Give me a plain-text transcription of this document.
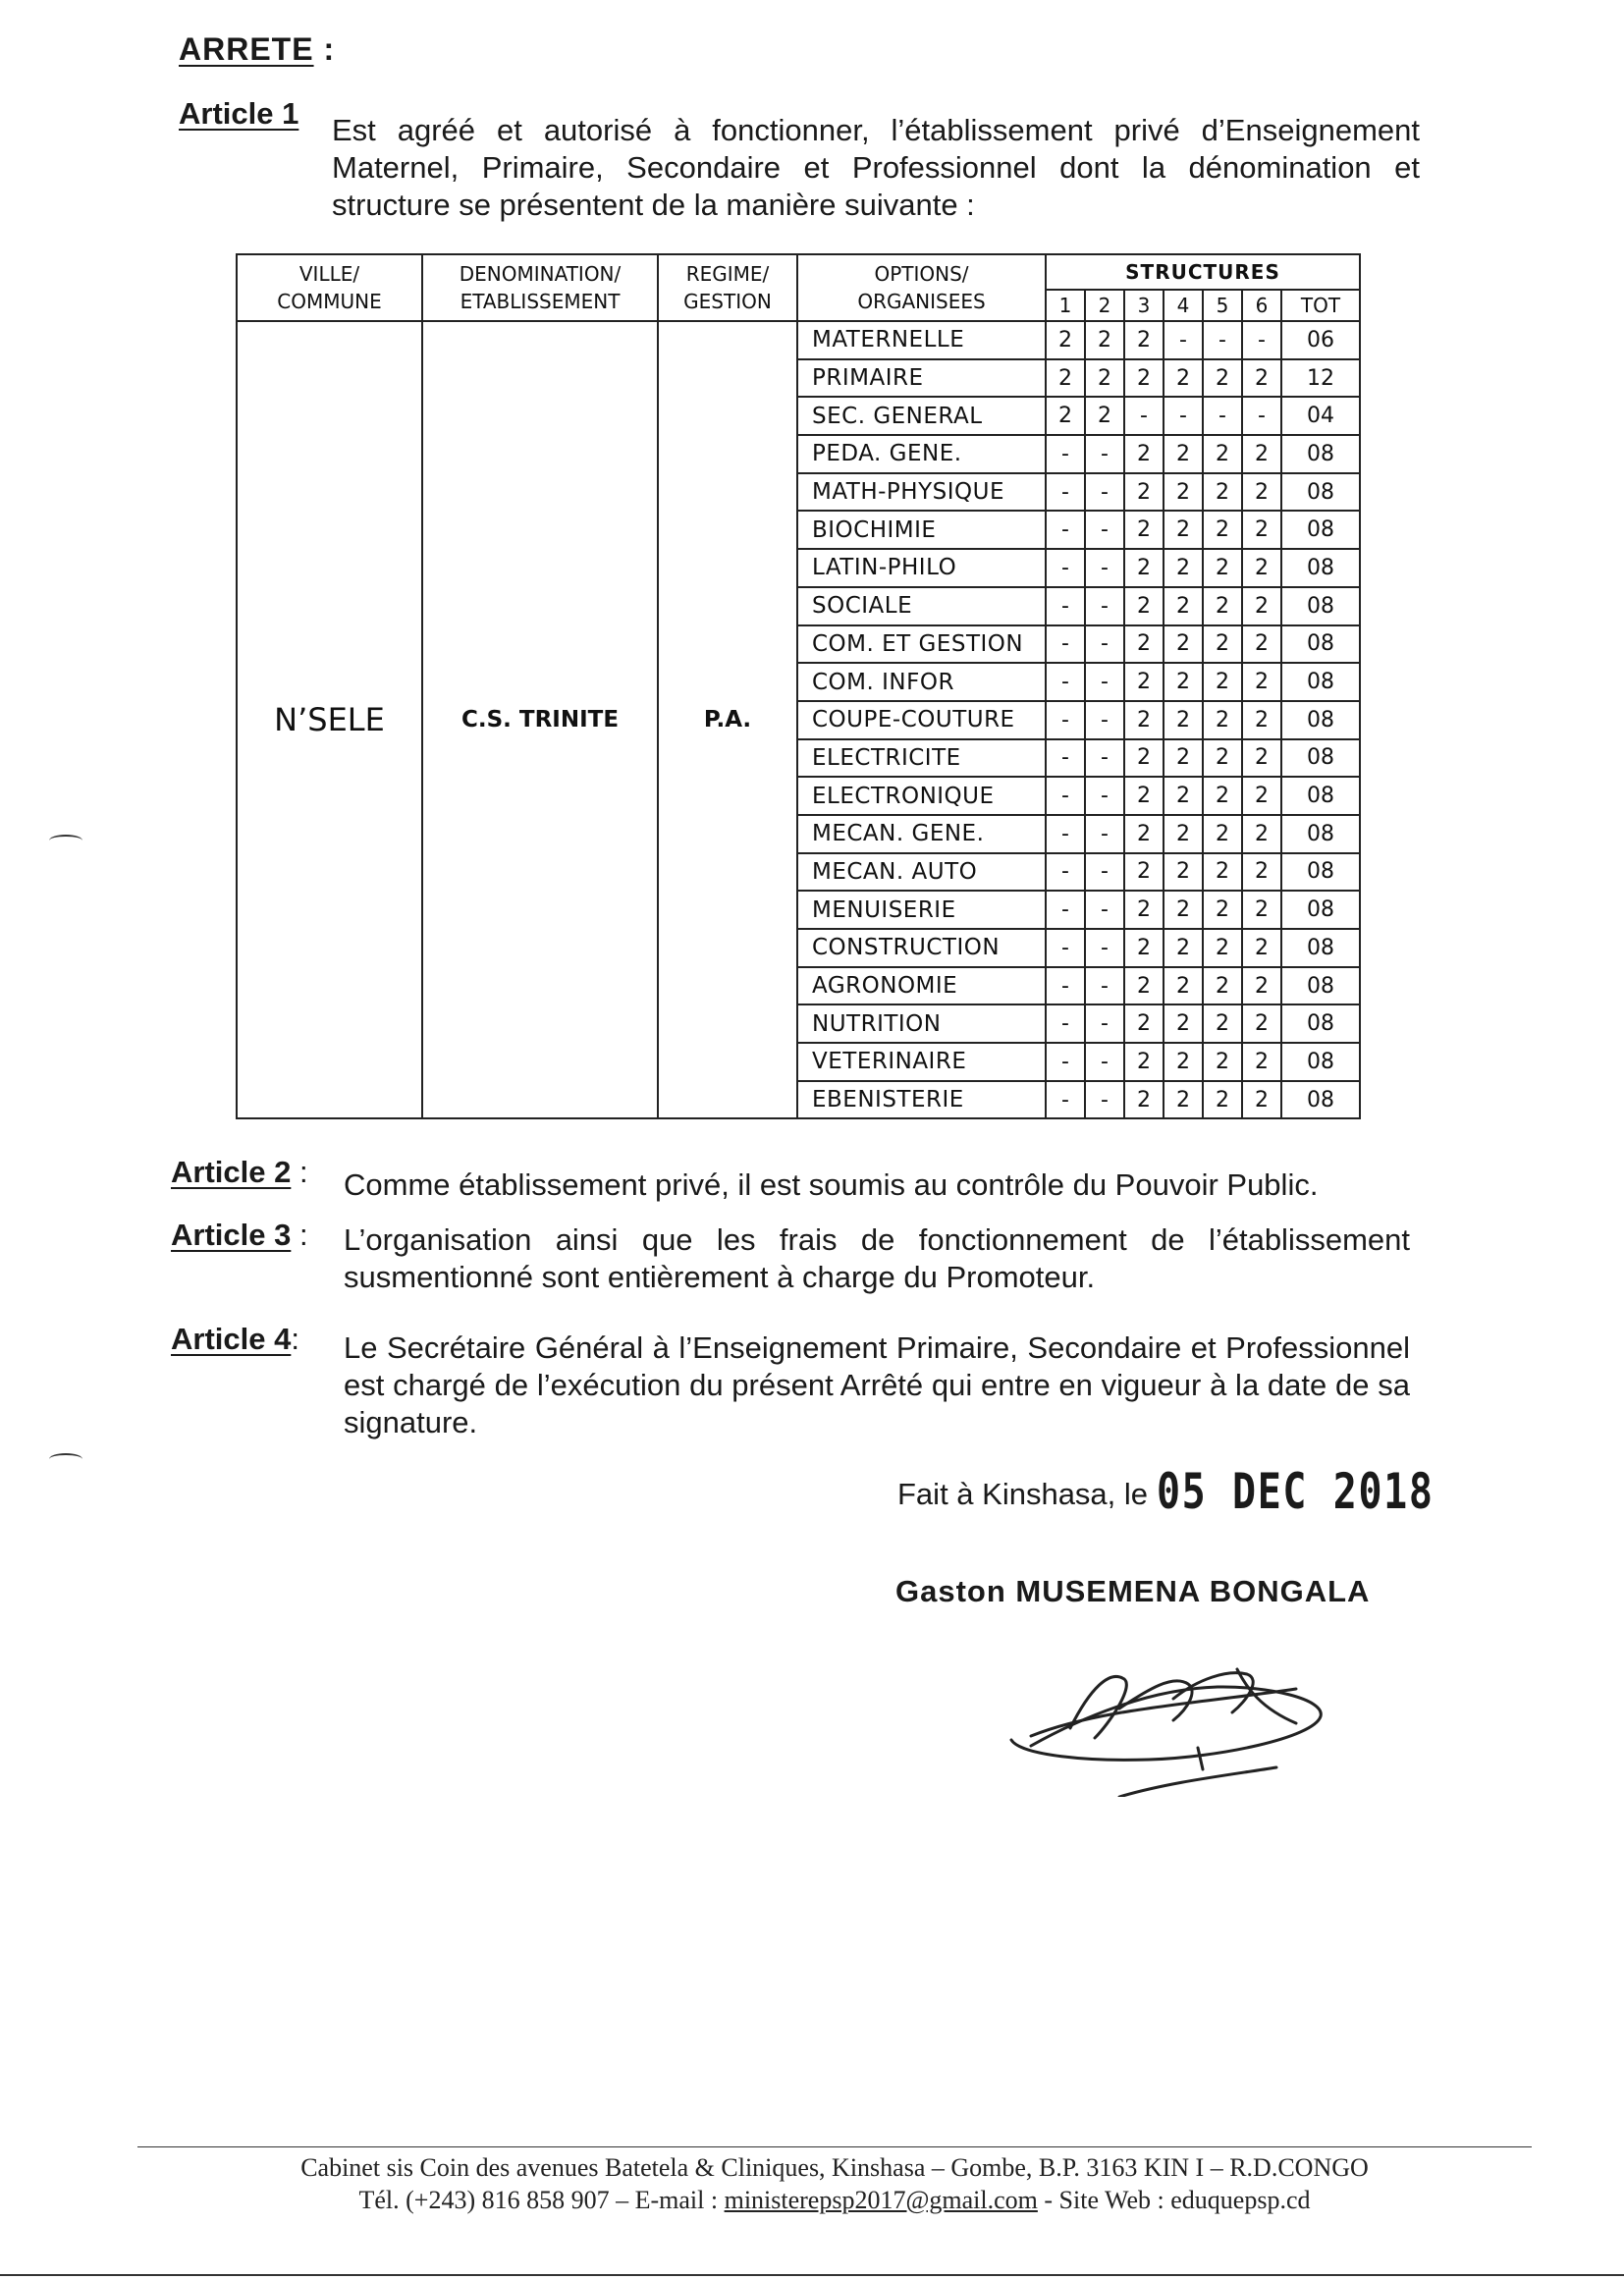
ARRETE :
Article 1 Est agréé et autorisé à fonctionner, l’établissement privé d’Enseignement Maternel, Primaire, Secondaire et Professionnel dont la dénomination et structure se présentent de la manière suivante :
VILLE/
COMMUNE	DENOMINATION/
ETABLISSEMENT	REGIME/
GESTION	OPTIONS/
ORGANISEES	STRUCTURES						
				1	2	3	4	5	6	TOT
N’SELE	C.S. TRINITE	P.A.	MATERNELLE	2	2	2	-	-	-	06
			PRIMAIRE	2	2	2	2	2	2	12
			SEC. GENERAL	2	2	-	-	-	-	04
			PEDA. GENE.	-	-	2	2	2	2	08
			MATH-PHYSIQUE	-	-	2	2	2	2	08
			BIOCHIMIE	-	-	2	2	2	2	08
			LATIN-PHILO	-	-	2	2	2	2	08
			SOCIALE	-	-	2	2	2	2	08
			COM. ET GESTION	-	-	2	2	2	2	08
			COM. INFOR	-	-	2	2	2	2	08
			COUPE-COUTURE	-	-	2	2	2	2	08
			ELECTRICITE	-	-	2	2	2	2	08
			ELECTRONIQUE	-	-	2	2	2	2	08
			MECAN. GENE.	-	-	2	2	2	2	08
			MECAN. AUTO	-	-	2	2	2	2	08
			MENUISERIE	-	-	2	2	2	2	08
			CONSTRUCTION	-	-	2	2	2	2	08
			AGRONOMIE	-	-	2	2	2	2	08
			NUTRITION	-	-	2	2	2	2	08
			VETERINAIRE	-	-	2	2	2	2	08
			EBENISTERIE	-	-	2	2	2	2	08
Article 2 : Comme établissement privé, il est soumis au contrôle du Pouvoir Public.
Article 3 : L’organisation ainsi que les frais de fonctionnement de l’établissement susmentionné sont entièrement à charge du Promoteur.
Article 4: Le Secrétaire Général à l’Enseignement Primaire, Secondaire et Professionnel est chargé de l’exécution du présent Arrêté qui entre en vigueur à la date de sa signature.
Fait à Kinshasa, le 05 DEC 2018
Gaston MUSEMENA BONGALA
Cabinet sis Coin des avenues Batetela & Cliniques, Kinshasa – Gombe, B.P. 3163 KIN I – R.D.CONGO
Tél. (+243) 816 858 907 – E-mail : ministerepsp2017@gmail.com - Site Web : eduquepsp.cd
